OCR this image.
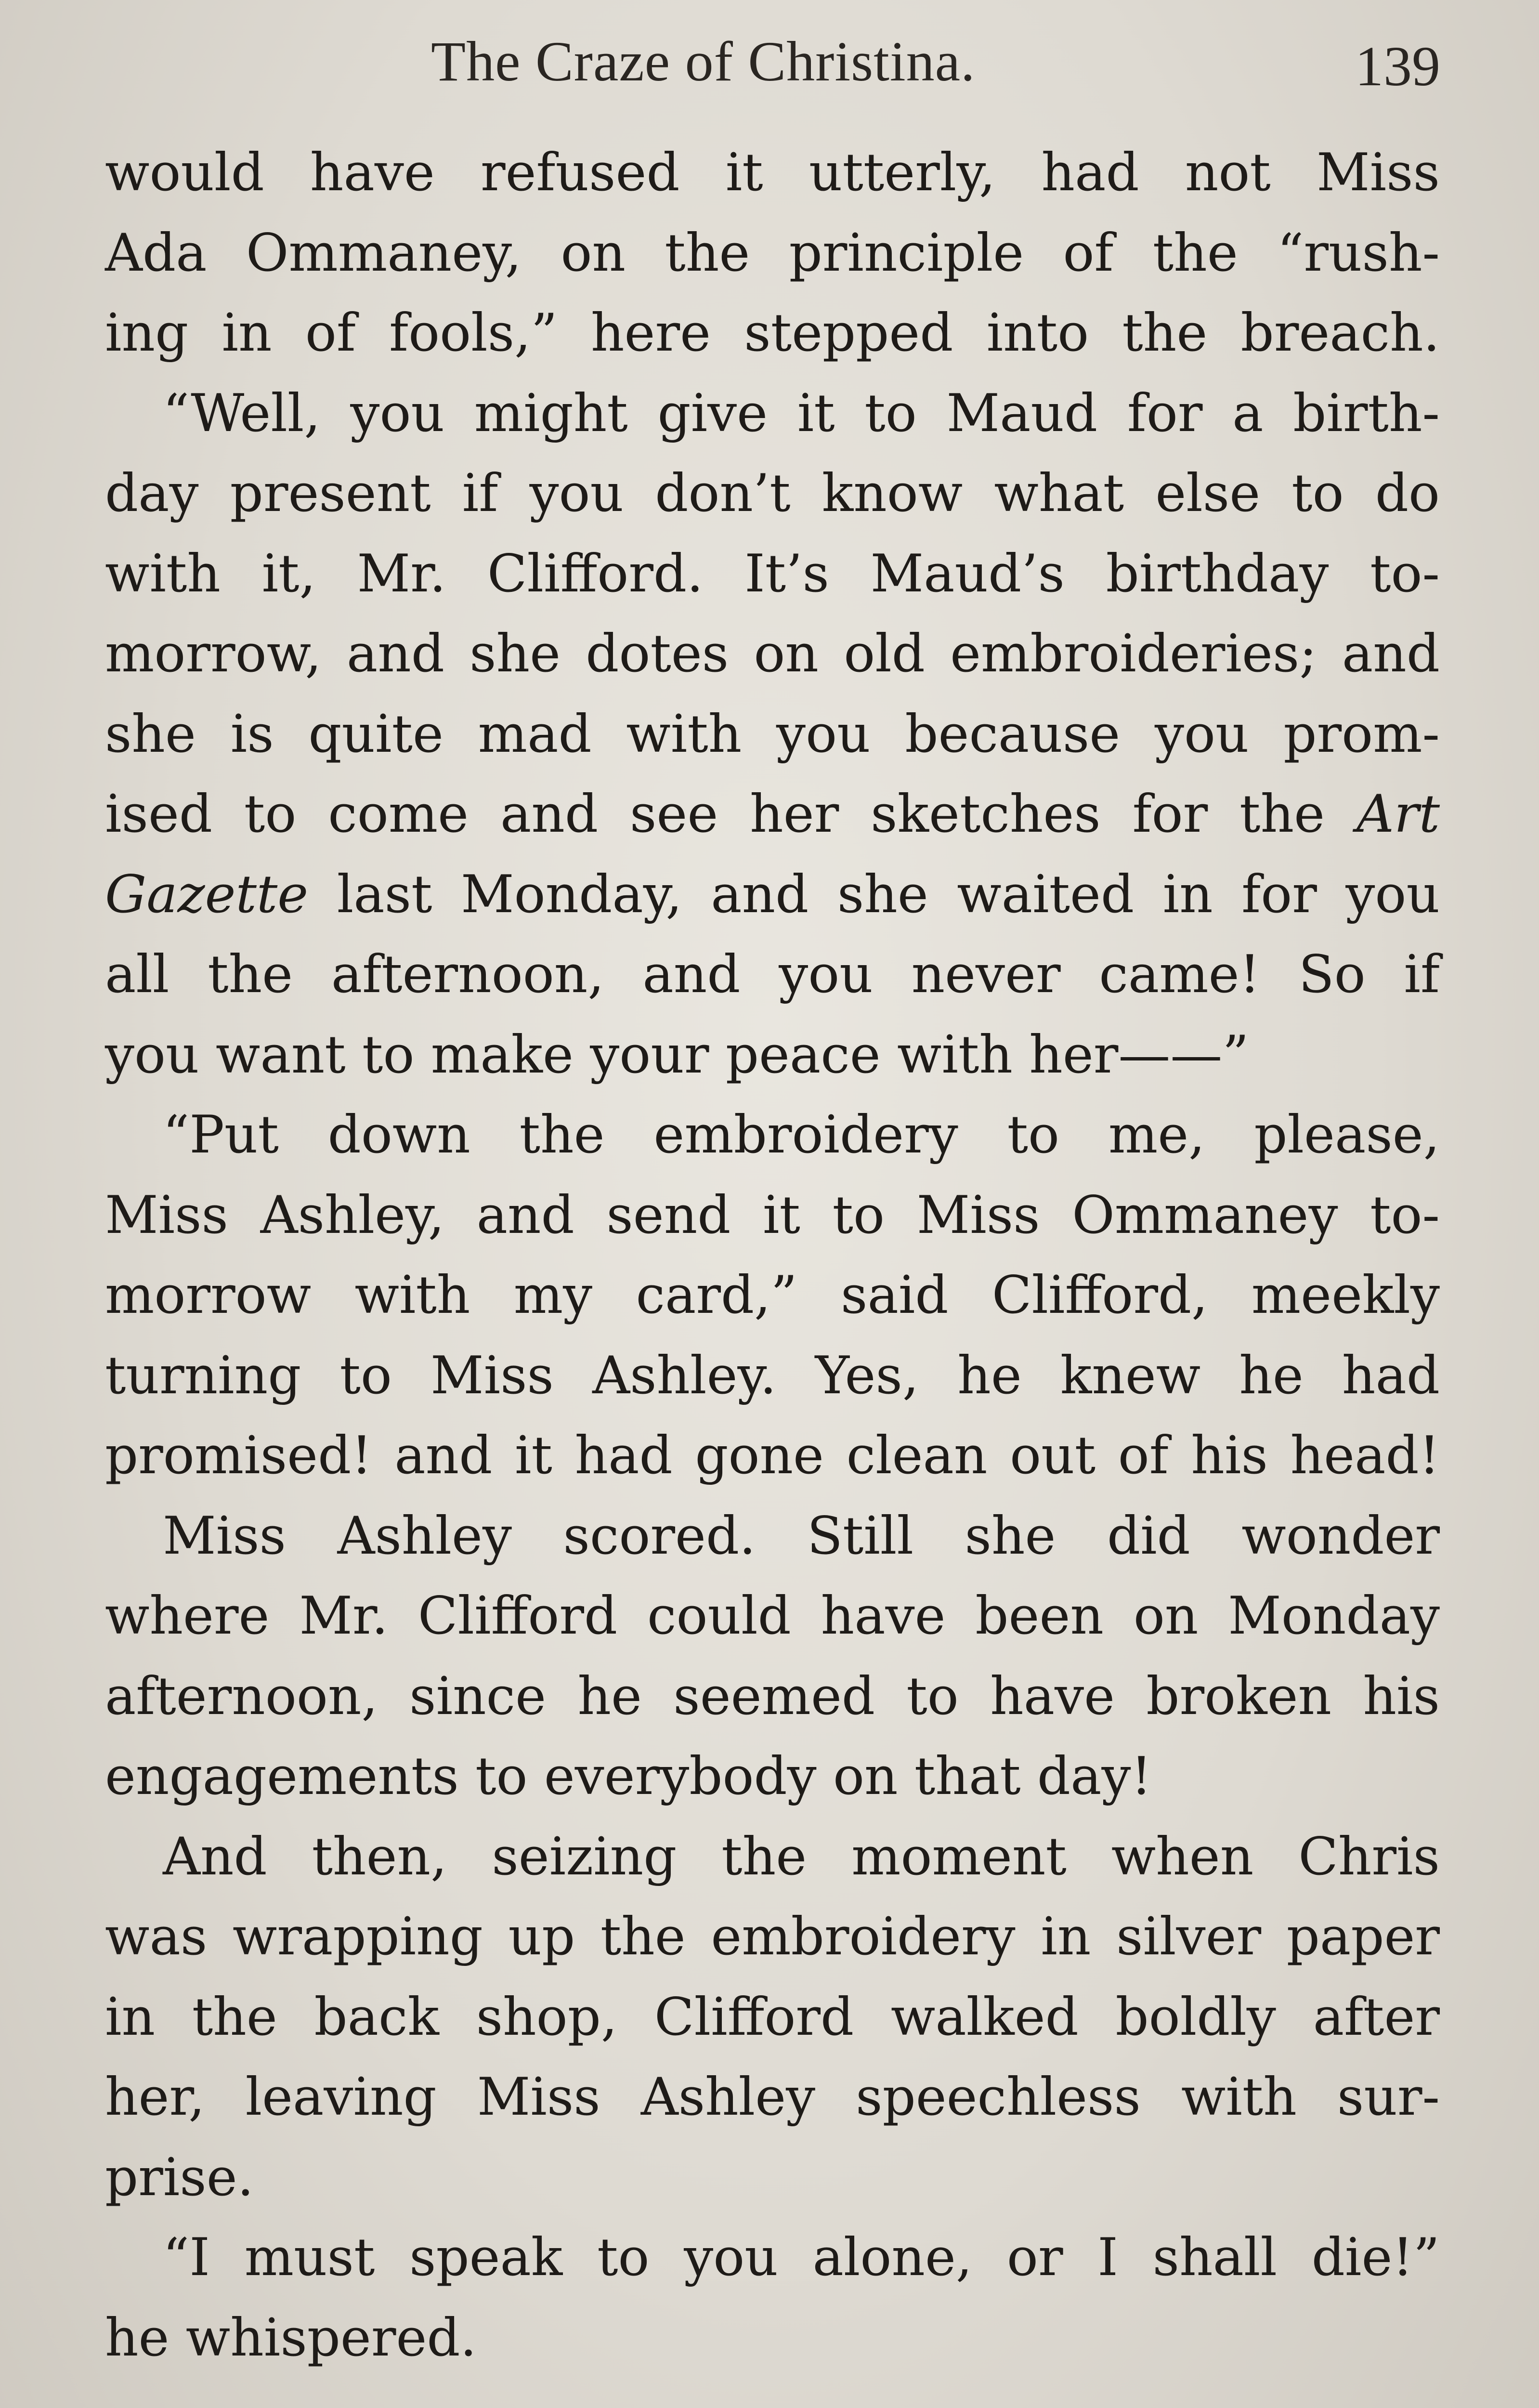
The Craze of Christina.	139
would have refused it utterly, had not Miss
Ada Ommaney, on the principle of the “rush-
ing in of fools,” here stepped into the breach.
“Well, you might give it to Maud for a birth-
day present if you don’t know what else to do
with it, Mr. Clifford. It’s Maud’s birthday to-
morrow, and she dotes on old embroideries; and
she is quite mad with you because you prom-
ised to come and see her sketches for the Art
Gazette last Monday, and she waited in for you
all the afternoon, and you never came! So if
you want to make your peace with her——”
“Put down the embroidery to me, please,
Miss Ashley, and send it to Miss Ommaney to-
morrow with my card,” said Clifford, meekly
turning to Miss Ashley. Yes, he knew he had
promised! and it had gone clean out of his head!
Miss Ashley scored. Still she did wonder
where Mr. Clifford could have been on Monday
afternoon, since he seemed to have broken his
engagements to everybody on that day!
And then, seizing the moment when Chris
was wrapping up the embroidery in silver paper
in the back shop, Clifford walked boldly after
her, leaving Miss Ashley speechless with sur-
prise.
“I must speak to you alone, or I shall die!”
he whispered.
